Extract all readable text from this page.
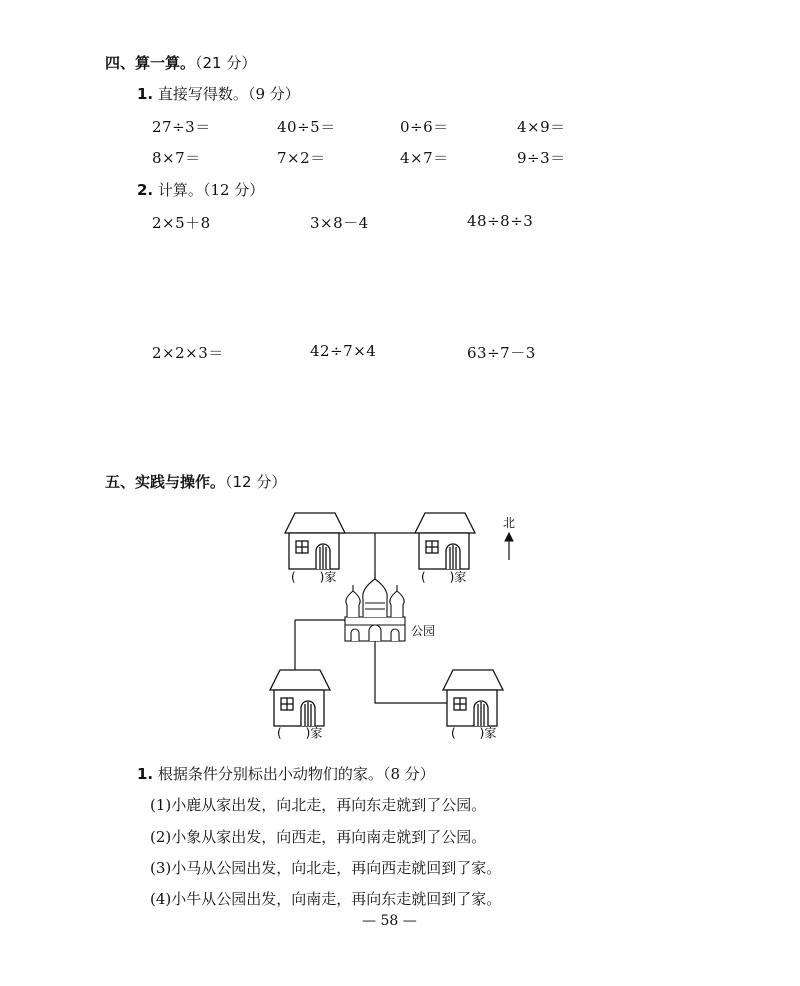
四、算一算。（21 分）
1. 直接写得数。（9 分）
27÷3＝	40÷5＝	0÷6＝	4×9＝
8×7＝	7×2＝	4×7＝	9÷3＝
2. 计算。（12 分）
2×5＋8	3×8－4	48÷8÷3
2×2×3＝	42÷7×4	63÷7－3
五、实践与操作。（12 分）
北
公园
(　　)家	(　　)家
(　　)家	(　　)家
1. 根据条件分别标出小动物们的家。（8 分）
(1)小鹿从家出发，向北走，再向东走就到了公园。
(2)小象从家出发，向西走，再向南走就到了公园。
(3)小马从公园出发，向北走，再向西走就回到了家。
(4)小牛从公园出发，向南走，再向东走就回到了家。
— 58 —
